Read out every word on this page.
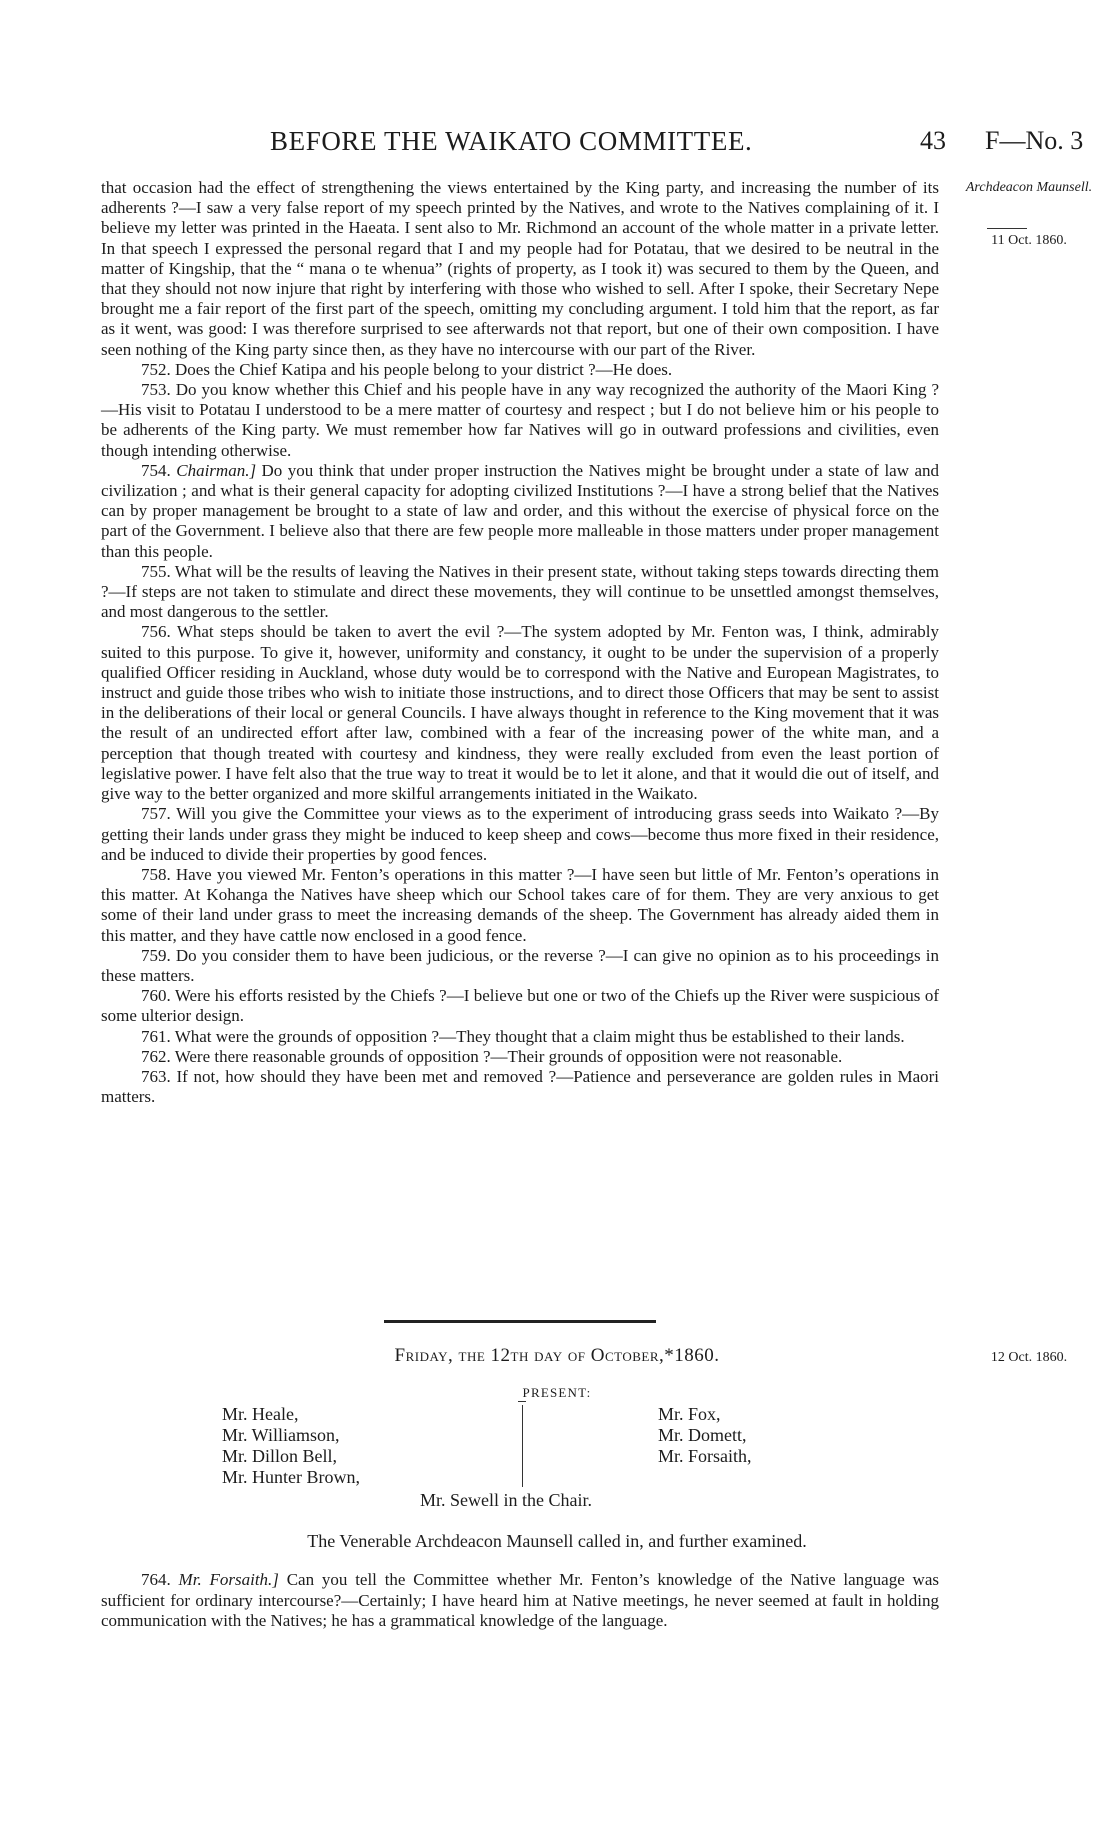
BEFORE THE WAIKATO COMMITTEE.	43 F—No. 3
Archdeacon Maunsell.
11 Oct. 1860.

that occasion had the effect of strengthening the views entertained by the King party, and increasing the number of its adherents ?—I saw a very false report of my speech printed by the Natives, and wrote to the Natives complaining of it. I believe my letter was printed in the Haeata. I sent also to Mr. Richmond an account of the whole matter in a private letter. In that speech I expressed the personal regard that I and my people had for Potatau, that we desired to be neutral in the matter of Kingship, that the “ mana o te whenua” (rights of property, as I took it) was secured to them by the Queen, and that they should not now injure that right by interfering with those who wished to sell. After I spoke, their Secretary Nepe brought me a fair report of the first part of the speech, omitting my concluding argument. I told him that the report, as far as it went, was good: I was therefore surprised to see afterwards not that report, but one of their own composition. I have seen nothing of the King party since then, as they have no intercourse with our part of the River.

752. Does the Chief Katipa and his people belong to your district ?—He does.

753. Do you know whether this Chief and his people have in any way recognized the authority of the Maori King ?—His visit to Potatau I understood to be a mere matter of courtesy and respect ; but I do not believe him or his people to be adherents of the King party. We must remember how far Natives will go in outward professions and civilities, even though intending otherwise.

754. Chairman.] Do you think that under proper instruction the Natives might be brought under a state of law and civilization ; and what is their general capacity for adopting civilized Institutions ?—I have a strong belief that the Natives can by proper management be brought to a state of law and order, and this without the exercise of physical force on the part of the Government. I believe also that there are few people more malleable in those matters under proper management than this people.

755. What will be the results of leaving the Natives in their present state, without taking steps towards directing them ?—If steps are not taken to stimulate and direct these movements, they will continue to be unsettled amongst themselves, and most dangerous to the settler.

756. What steps should be taken to avert the evil ?—The system adopted by Mr. Fenton was, I think, admirably suited to this purpose. To give it, however, uniformity and constancy, it ought to be under the supervision of a properly qualified Officer residing in Auckland, whose duty would be to correspond with the Native and European Magistrates, to instruct and guide those tribes who wish to initiate those instructions, and to direct those Officers that may be sent to assist in the deliberations of their local or general Councils. I have always thought in reference to the King movement that it was the result of an undirected effort after law, combined with a fear of the increasing power of the white man, and a perception that though treated with courtesy and kindness, they were really excluded from even the least portion of legislative power. I have felt also that the true way to treat it would be to let it alone, and that it would die out of itself, and give way to the better organized and more skilful arrangements initiated in the Waikato.

757. Will you give the Committee your views as to the experiment of introducing grass seeds into Waikato ?—By getting their lands under grass they might be induced to keep sheep and cows—become thus more fixed in their residence, and be induced to divide their properties by good fences.

758. Have you viewed Mr. Fenton’s operations in this matter ?—I have seen but little of Mr. Fenton’s operations in this matter. At Kohanga the Natives have sheep which our School takes care of for them. They are very anxious to get some of their land under grass to meet the increasing demands of the sheep. The Government has already aided them in this matter, and they have cattle now enclosed in a good fence.

759. Do you consider them to have been judicious, or the reverse ?—I can give no opinion as to his proceedings in these matters.

760. Were his efforts resisted by the Chiefs ?—I believe but one or two of the Chiefs up the River were suspicious of some ulterior design.

761. What were the grounds of opposition ?—They thought that a claim might thus be established to their lands.

762. Were there reasonable grounds of opposition ?—Their grounds of opposition were not reasonable.

763. If not, how should they have been met and removed ?—Patience and perseverance are golden rules in Maori matters.

Friday, the 12th day of October,*1860.	12 Oct. 1860.
PRESENT:
Mr. Heale,
Mr. Williamson,
Mr. Dillon Bell,
Mr. Hunter Brown,
Mr. Fox,
Mr. Domett,
Mr. Forsaith,
Mr. Sewell in the Chair.
The Venerable Archdeacon Maunsell called in, and further examined.

764. Mr. Forsaith.] Can you tell the Committee whether Mr. Fenton’s knowledge of the Native language was sufficient for ordinary intercourse?—Certainly; I have heard him at Native meetings, he never seemed at fault in holding communication with the Natives; he has a grammatical knowledge of the language.
